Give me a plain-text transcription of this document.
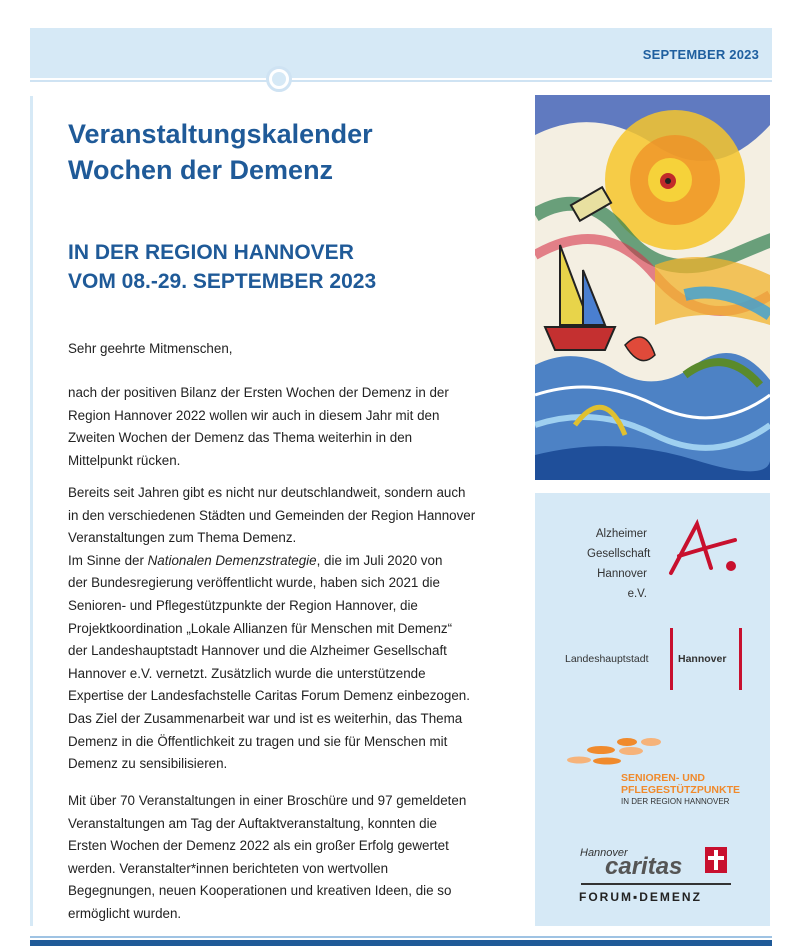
SEPTEMBER 2023
Veranstaltungskalender
Wochen der Demenz
IN DER REGION HANNOVER
VOM 08.-29. SEPTEMBER 2023
Sehr geehrte Mitmenschen,
nach der positiven Bilanz der Ersten Wochen der Demenz in der
Region Hannover 2022 wollen wir auch in diesem Jahr mit den
Zweiten Wochen der Demenz das Thema weiterhin in den
Mittelpunkt rücken.
Bereits seit Jahren gibt es nicht nur deutschlandweit, sondern auch
in den verschiedenen Städten und Gemeinden der Region Hannover
Veranstaltungen zum Thema Demenz.
Im Sinne der Nationalen Demenzstrategie, die im Juli 2020 von
der Bundesregierung veröffentlicht wurde, haben sich 2021 die
Senioren- und Pflegestützpunkte der Region Hannover, die
Projektkoordination „Lokale Allianzen für Menschen mit Demenz“
der Landeshauptstadt Hannover und die Alzheimer Gesellschaft
Hannover e.V. vernetzt. Zusätzlich wurde die unterstützende
Expertise der Landesfachstelle Caritas Forum Demenz einbezogen.
Das Ziel der Zusammenarbeit war und ist es weiterhin, das Thema
Demenz in die Öffentlichkeit zu tragen und sie für Menschen mit
Demenz zu sensibilisieren.
Mit über 70 Veranstaltungen in einer Broschüre und 97 gemeldeten
Veranstaltungen am Tag der Auftaktveranstaltung, konnten die
Ersten Wochen der Demenz 2022 als ein großer Erfolg gewertet
werden. Veranstalter*innen berichteten von wertvollen
Begegnungen, neuen Kooperationen und kreativen Ideen, die so
ermöglicht wurden.
Alzheimer
Gesellschaft
Hannover e.V.
Landeshauptstadt	Hannover
SENIOREN- UND
PFLEGESTÜTZPUNKTE
IN DER REGION HANNOVER
Hannover
caritas
FORUM▪DEMENZ
